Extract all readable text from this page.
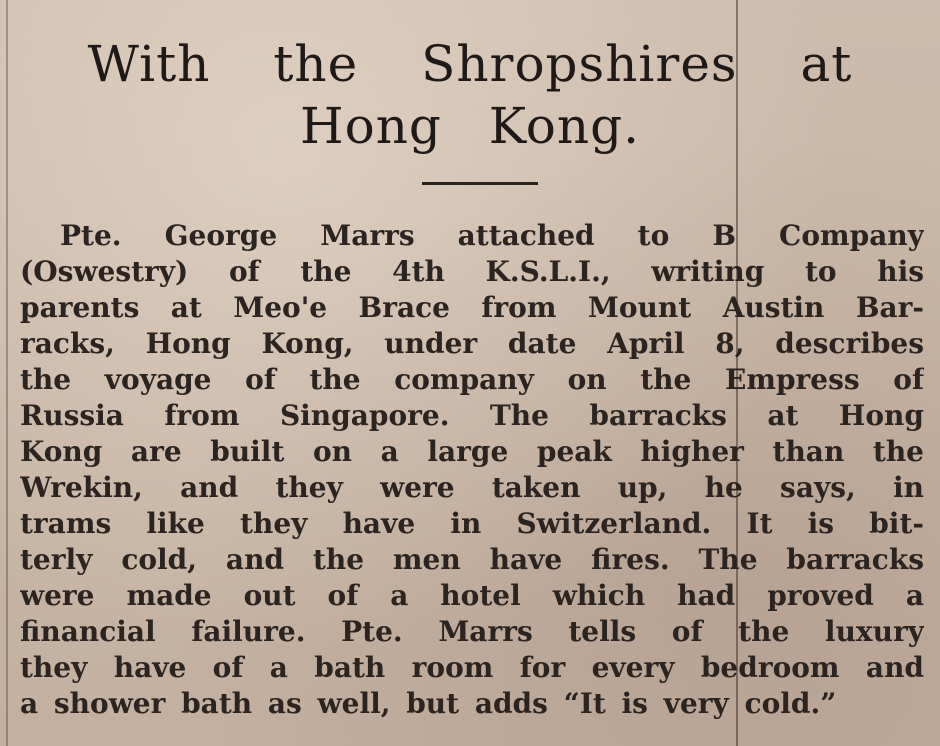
With the Shropshires at
Hong Kong.
Pte. George Marrs attached to B Company
(Oswestry) of the 4th K.S.L.I., writing to his
parents at Meo'e Brace from Mount Austin Bar-
racks, Hong Kong, under date April 8, describes
the voyage of the company on the Empress of
Russia from Singapore. The barracks at Hong
Kong are built on a large peak higher than the
Wrekin, and they were taken up, he says, in
trams like they have in Switzerland. It is bit-
terly cold, and the men have fires. The barracks
were made out of a hotel which had proved a
financial failure. Pte. Marrs tells of the luxury
they have of a bath room for every bedroom and
a shower bath as well, but adds “It is very cold.”
